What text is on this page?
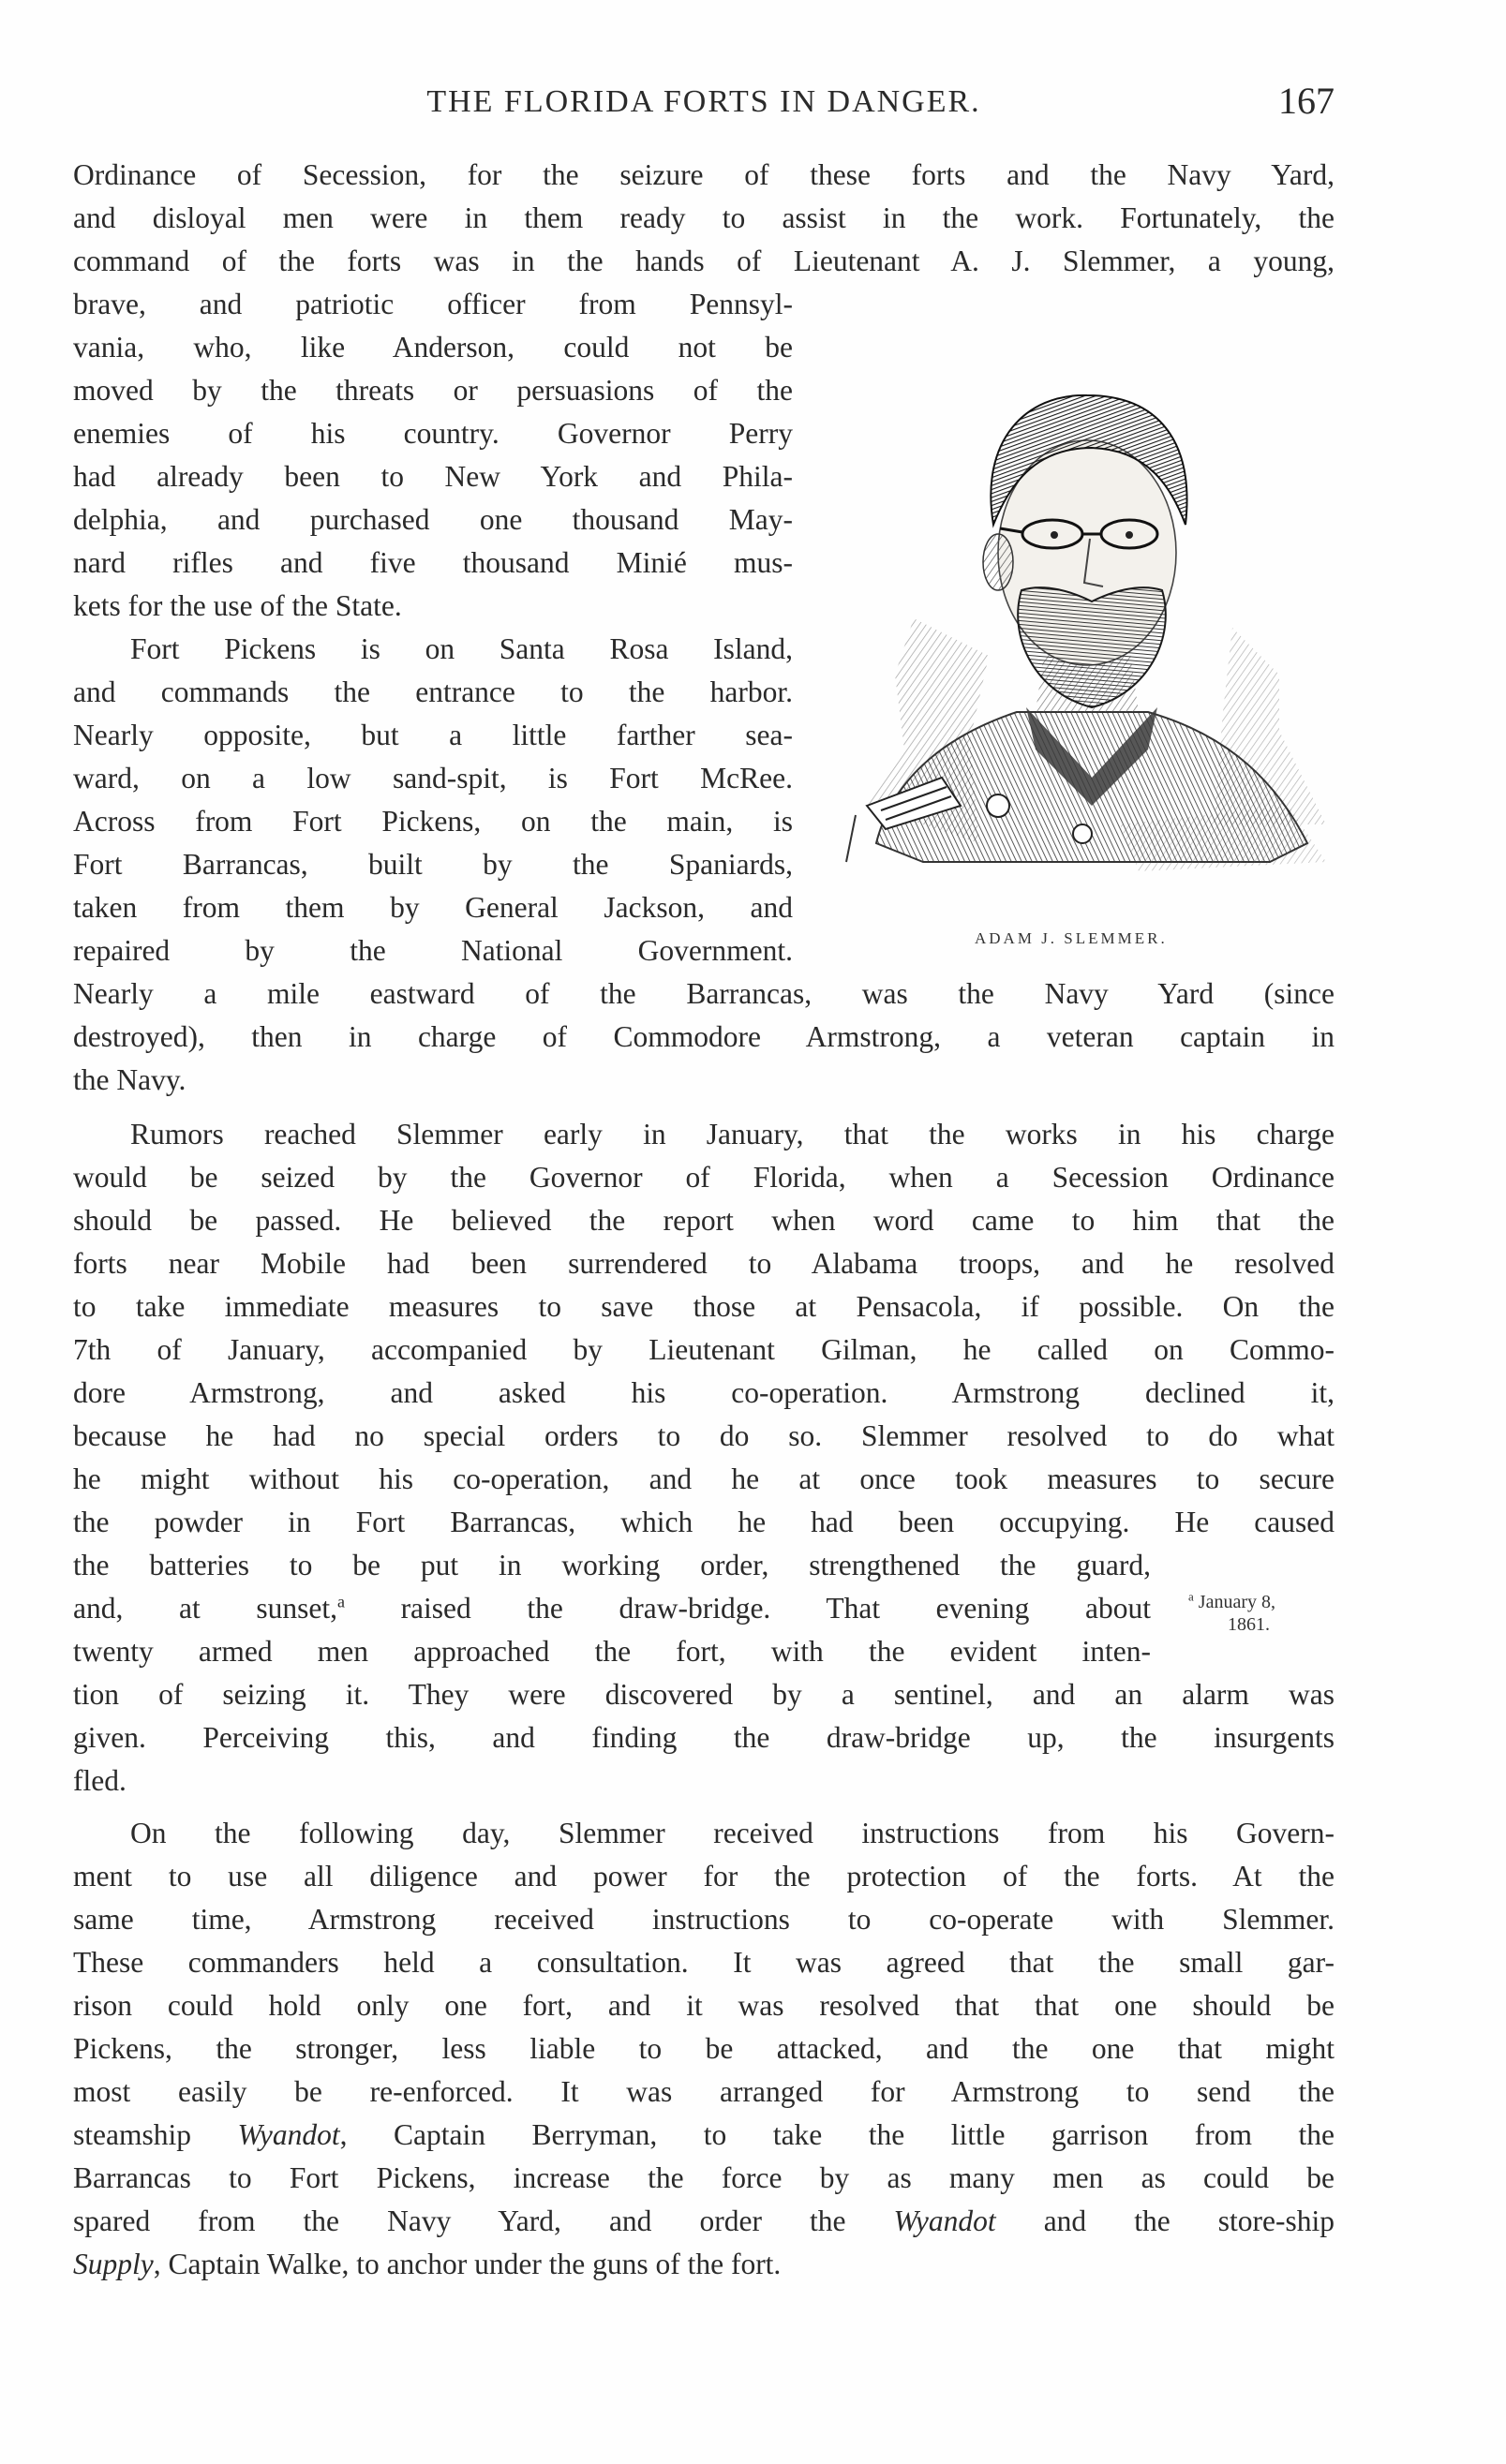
THE FLORIDA FORTS IN DANGER.	167
Ordinance of Secession, for the seizure of these forts and the Navy Yard,
and disloyal men were in them ready to assist in the work. Fortunately, the
command of the forts was in the hands of Lieutenant A. J. Slemmer, a young,
brave, and patriotic officer from Pennsyl-
vania, who, like Anderson, could not be
moved by the threats or persuasions of the
enemies of his country. Governor Perry
had already been to New York and Phila-
delphia, and purchased one thousand May-
nard rifles and five thousand Minié mus-
kets for the use of the State.
Fort Pickens is on Santa Rosa Island,
and commands the entrance to the harbor.
Nearly opposite, but a little farther sea-
ward, on a low sand-spit, is Fort McRee.
Across from Fort Pickens, on the main, is
Fort Barrancas, built by the Spaniards,
taken from them by General Jackson, and
repaired by the National Government.
Nearly a mile eastward of the Barrancas, was the Navy Yard (since
destroyed), then in charge of Commodore Armstrong, a veteran captain in
the Navy.
ADAM J. SLEMMER.
Rumors reached Slemmer early in January, that the works in his charge
would be seized by the Governor of Florida, when a Secession Ordinance
should be passed. He believed the report when word came to him that the
forts near Mobile had been surrendered to Alabama troops, and he resolved
to take immediate measures to save those at Pensacola, if possible. On the
7th of January, accompanied by Lieutenant Gilman, he called on Commo-
dore Armstrong, and asked his co-operation. Armstrong declined it,
because he had no special orders to do so. Slemmer resolved to do what
he might without his co-operation, and he at once took measures to secure
the powder in Fort Barrancas, which he had been occupying. He caused
the batteries to be put in working order, strengthened the guard,
and, at sunset,$^a$ raised the draw-bridge. That evening about
twenty armed men approached the fort, with the evident inten-
tion of seizing it. They were discovered by a sentinel, and an alarm was
given. Perceiving this, and finding the draw-bridge up, the insurgents
fled.
$^a$ January 8,
1861.
On the following day, Slemmer received instructions from his Govern-
ment to use all diligence and power for the protection of the forts. At the
same time, Armstrong received instructions to co-operate with Slemmer.
These commanders held a consultation. It was agreed that the small gar-
rison could hold only one fort, and it was resolved that that one should be
Pickens, the stronger, less liable to be attacked, and the one that might
most easily be re-enforced. It was arranged for Armstrong to send the
steamship Wyandot, Captain Berryman, to take the little garrison from the
Barrancas to Fort Pickens, increase the force by as many men as could be
spared from the Navy Yard, and order the Wyandot and the store-ship
Supply, Captain Walke, to anchor under the guns of the fort.
